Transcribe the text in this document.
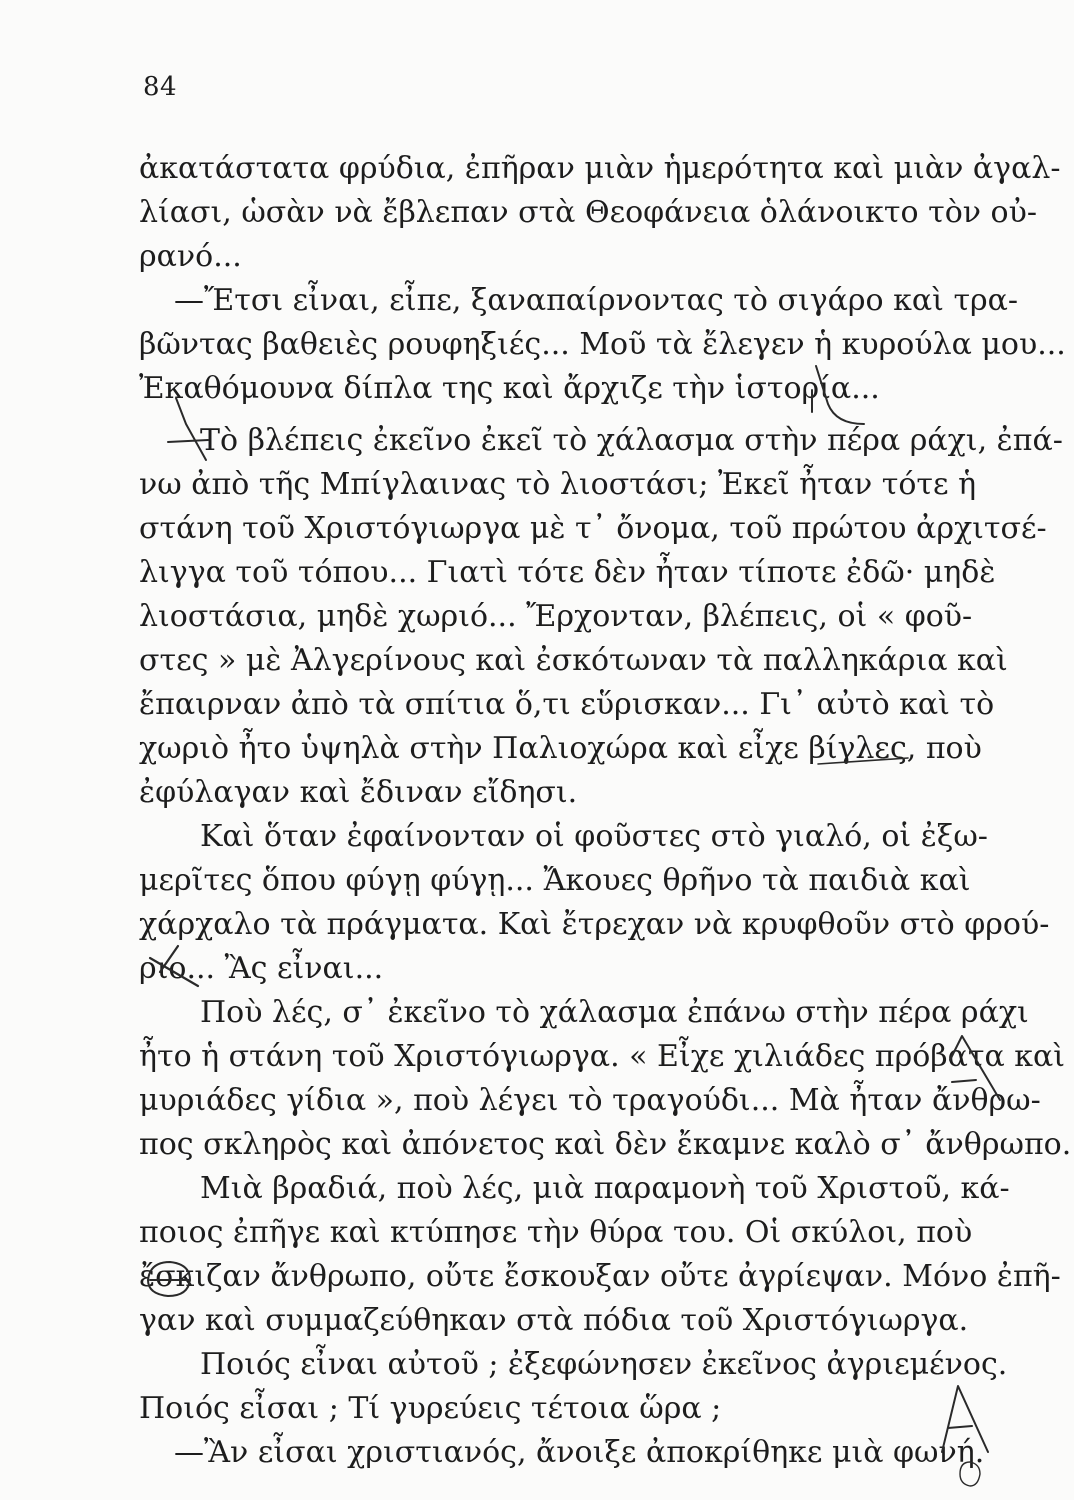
84
ἀκατάστατα φρύδια, ἐπῆραν μιὰν ἡμερότητα καὶ μιὰν ἀγαλ-
λίασι, ὡσὰν νὰ ἔβλεπαν στὰ Θεοφάνεια ὁλάνοικτο τὸν οὐ-
ρανό...
—Ἔτσι εἶναι, εἶπε, ξαναπαίρνοντας τὸ σιγάρο καὶ τρα-
βῶντας βαθειὲς ρουφηξιές... Μοῦ τὰ ἔλεγεν ἡ κυρούλα μου...
Ἐκαθόμουνα δίπλα της καὶ ἄρχιζε τὴν ἱστορία...
Τὸ βλέπεις ἐκεῖνο ἐκεῖ τὸ χάλασμα στὴν πέρα ράχι, ἐπά-
νω ἀπὸ τῆς Μπίγλαινας τὸ λιοστάσι; Ἐκεῖ ἦταν τότε ἡ
στάνη τοῦ Χριστόγιωργα μὲ τ᾽ ὄνομα, τοῦ πρώτου ἀρχιτσέ-
λιγγα τοῦ τόπου... Γιατὶ τότε δὲν ἦταν τίποτε ἐδῶ· μηδὲ
λιοστάσια, μηδὲ χωριό... Ἔρχονταν, βλέπεις, οἱ « φοῦ-
στες » μὲ Ἀλγερίνους καὶ ἐσκότωναν τὰ παλληκάρια καὶ
ἔπαιρναν ἀπὸ τὰ σπίτια ὅ,τι εὕρισκαν... Γι᾽ αὐτὸ καὶ τὸ
χωριὸ ἦτο ὑψηλὰ στὴν Παλιοχώρα καὶ εἶχε βίγλες, ποὺ
ἐφύλαγαν καὶ ἔδιναν εἴδησι.
Καὶ ὅταν ἐφαίνονταν οἱ φοῦστες στὸ γιαλό, οἱ ἐξω-
μερῖτες ὅπου φύγῃ φύγῃ... Ἄκουες θρῆνο τὰ παιδιὰ καὶ
χάρχαλο τὰ πράγματα. Καὶ ἔτρεχαν νὰ κρυφθοῦν στὸ φρού-
ριο... Ἂς εἶναι...
Ποὺ λές, σ᾽ ἐκεῖνο τὸ χάλασμα ἐπάνω στὴν πέρα ράχι
ἦτο ἡ στάνη τοῦ Χριστόγιωργα. « Εἶχε χιλιάδες πρόβατα καὶ
μυριάδες γίδια », ποὺ λέγει τὸ τραγούδι... Μὰ ἦταν ἄνθρω-
πος σκληρὸς καὶ ἀπόνετος καὶ δὲν ἔκαμνε καλὸ σ᾽ ἄνθρωπο.
Μιὰ βραδιά, ποὺ λές, μιὰ παραμονὴ τοῦ Χριστοῦ, κά-
ποιος ἐπῆγε καὶ κτύπησε τὴν θύρα του. Οἱ σκύλοι, ποὺ
ἔσκιζαν ἄνθρωπο, οὔτε ἔσκουξαν οὔτε ἀγρίεψαν. Μόνο ἐπῆ-
γαν καὶ συμμαζεύθηκαν στὰ πόδια τοῦ Χριστόγιωργα.
Ποιός εἶναι αὐτοῦ ; ἐξεφώνησεν ἐκεῖνος ἀγριεμένος.
Ποιός εἶσαι ; Τί γυρεύεις τέτοια ὥρα ;
—Ἂν εἶσαι χριστιανός, ἄνοιξε ἀποκρίθηκε μιὰ φωνή.
